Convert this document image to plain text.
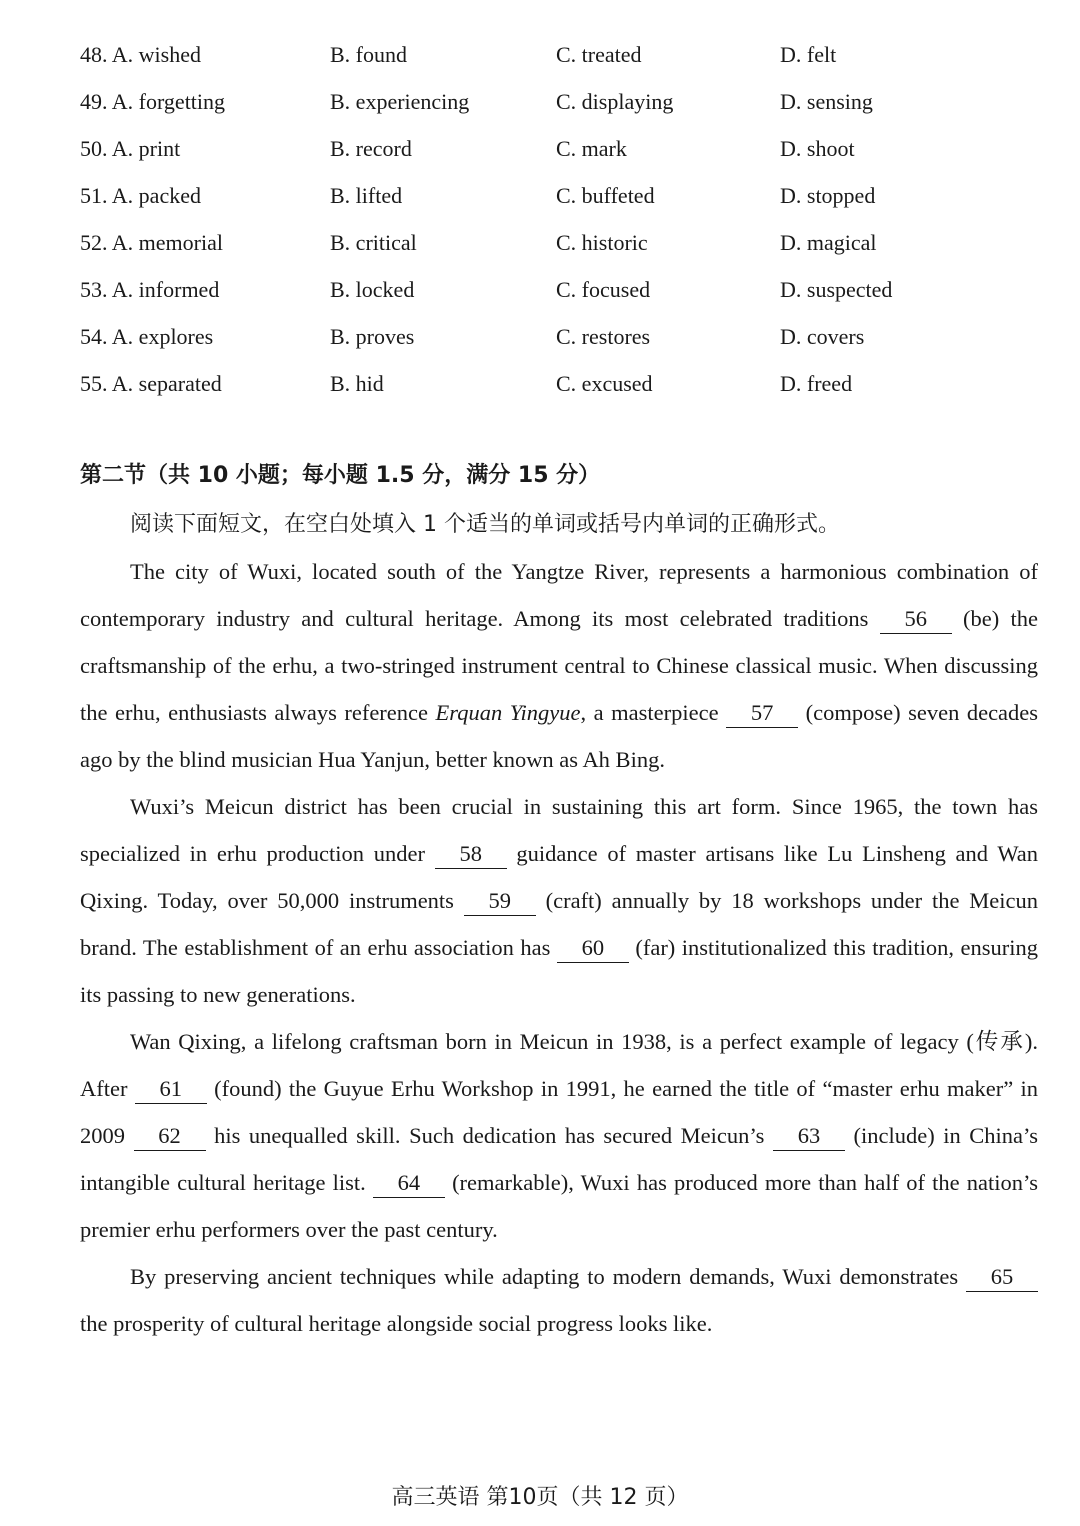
48. A. wished	B. found	C. treated	D. felt
49. A. forgetting	B. experiencing	C. displaying	D. sensing
50. A. print	B. record	C. mark	D. shoot
51. A. packed	B. lifted	C. buffeted	D. stopped
52. A. memorial	B. critical	C. historic	D. magical
53. A. informed	B. locked	C. focused	D. suspected
54. A. explores	B. proves	C. restores	D. covers
55. A. separated	B. hid	C. excused	D. freed
第二节（共 10 小题；每小题 1.5 分，满分 15 分）
阅读下面短文，在空白处填入 1 个适当的单词或括号内单词的正确形式。

The city of Wuxi, located south of the Yangtze River, represents a harmonious combination of contemporary industry and cultural heritage. Among its most celebrated traditions 56 (be) the craftsmanship of the erhu, a two-stringed instrument central to Chinese classical music. When discussing the erhu, enthusiasts always reference Erquan Yingyue, a masterpiece 57 (compose) seven decades ago by the blind musician Hua Yanjun, better known as Ah Bing.

Wuxi’s Meicun district has been crucial in sustaining this art form. Since 1965, the town has specialized in erhu production under 58 guidance of master artisans like Lu Linsheng and Wan Qixing. Today, over 50,000 instruments 59 (craft) annually by 18 workshops under the Meicun brand. The establishment of an erhu association has 60 (far) institutionalized this tradition, ensuring its passing to new generations.

Wan Qixing, a lifelong craftsman born in Meicun in 1938, is a perfect example of legacy (传承). After 61 (found) the Guyue Erhu Workshop in 1991, he earned the title of “master erhu maker” in 2009 62 his unequalled skill. Such dedication has secured Meicun’s 63 (include) in China’s intangible cultural heritage list. 64 (remarkable), Wuxi has produced more than half of the nation’s premier erhu performers over the past century.

By preserving ancient techniques while adapting to modern demands, Wuxi demonstrates 65 the prosperity of cultural heritage alongside social progress looks like.

高三英语 第10页（共 12 页）
